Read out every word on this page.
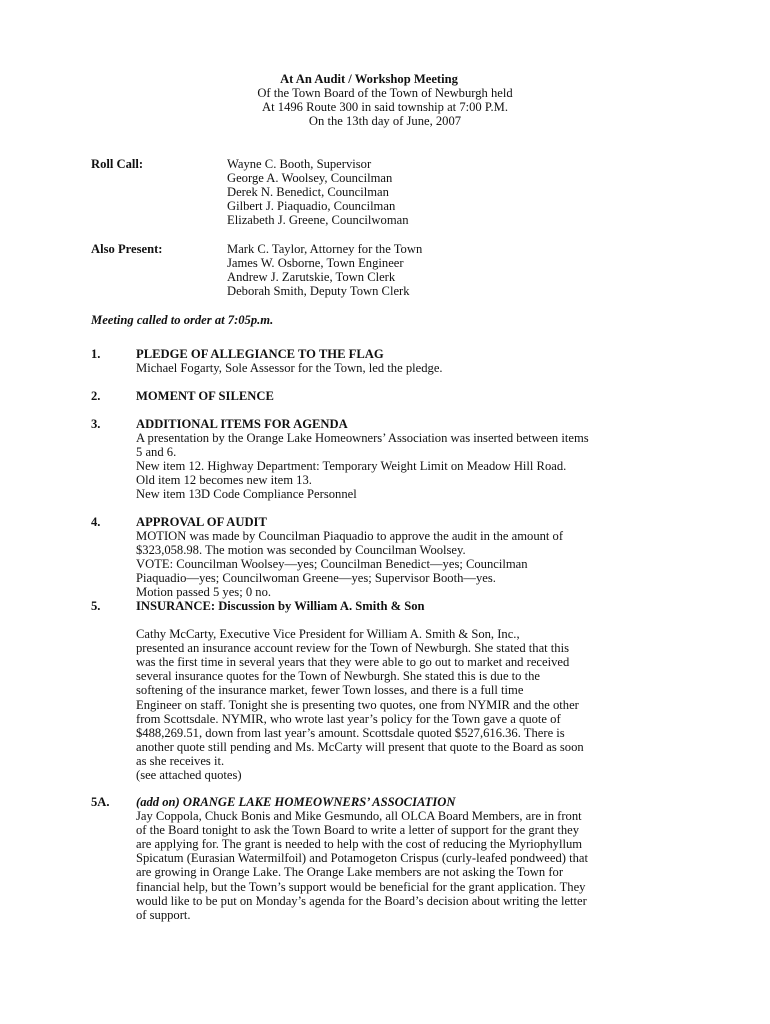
At An Audit / Workshop Meeting
Of the Town Board of the Town of Newburgh held
At 1496 Route 300 in said township at 7:00 P.M.
On the 13th day of June, 2007
Roll Call:	Wayne C. Booth, Supervisor
George A. Woolsey, Councilman
Derek N. Benedict, Councilman
Gilbert J. Piaquadio, Councilman
Elizabeth J. Greene, Councilwoman
Also Present:	Mark C. Taylor, Attorney for the Town
James W. Osborne, Town Engineer
Andrew J. Zarutskie, Town Clerk
Deborah Smith, Deputy Town Clerk
Meeting called to order at 7:05p.m.
1.	PLEDGE OF ALLEGIANCE TO THE FLAG
Michael Fogarty, Sole Assessor for the Town, led the pledge.
2.	MOMENT OF SILENCE
3.	ADDITIONAL ITEMS FOR AGENDA
A presentation by the Orange Lake Homeowners’ Association was inserted between items
5 and 6.
New item 12. Highway Department: Temporary Weight Limit on Meadow Hill Road.
Old item 12 becomes new item 13.
New item 13D Code Compliance Personnel
4.	APPROVAL OF AUDIT
MOTION was made by Councilman Piaquadio to approve the audit in the amount of
$323,058.98. The motion was seconded by Councilman Woolsey.
VOTE: Councilman Woolsey—yes; Councilman Benedict—yes; Councilman
Piaquadio—yes; Councilwoman Greene—yes; Supervisor Booth—yes.
Motion passed 5 yes; 0 no.
5.	INSURANCE: Discussion by William A. Smith & Son
Cathy McCarty, Executive Vice President for William A. Smith & Son, Inc.,
presented an insurance account review for the Town of Newburgh. She stated that this
was the first time in several years that they were able to go out to market and received
several insurance quotes for the Town of Newburgh. She stated this is due to the
softening of the insurance market, fewer Town losses, and there is a full time
Engineer on staff. Tonight she is presenting two quotes, one from NYMIR and the other
from Scottsdale. NYMIR, who wrote last year’s policy for the Town gave a quote of
$488,269.51, down from last year’s amount. Scottsdale quoted $527,616.36. There is
another quote still pending and Ms. McCarty will present that quote to the Board as soon
as she receives it.
(see attached quotes)
5A. (add on) ORANGE LAKE HOMEOWNERS’ ASSOCIATION
Jay Coppola, Chuck Bonis and Mike Gesmundo, all OLCA Board Members, are in front
of the Board tonight to ask the Town Board to write a letter of support for the grant they
are applying for. The grant is needed to help with the cost of reducing the Myriophyllum
Spicatum (Eurasian Watermilfoil) and Potamogeton Crispus (curly-leafed pondweed) that
are growing in Orange Lake. The Orange Lake members are not asking the Town for
financial help, but the Town’s support would be beneficial for the grant application. They
would like to be put on Monday’s agenda for the Board’s decision about writing the letter
of support.
